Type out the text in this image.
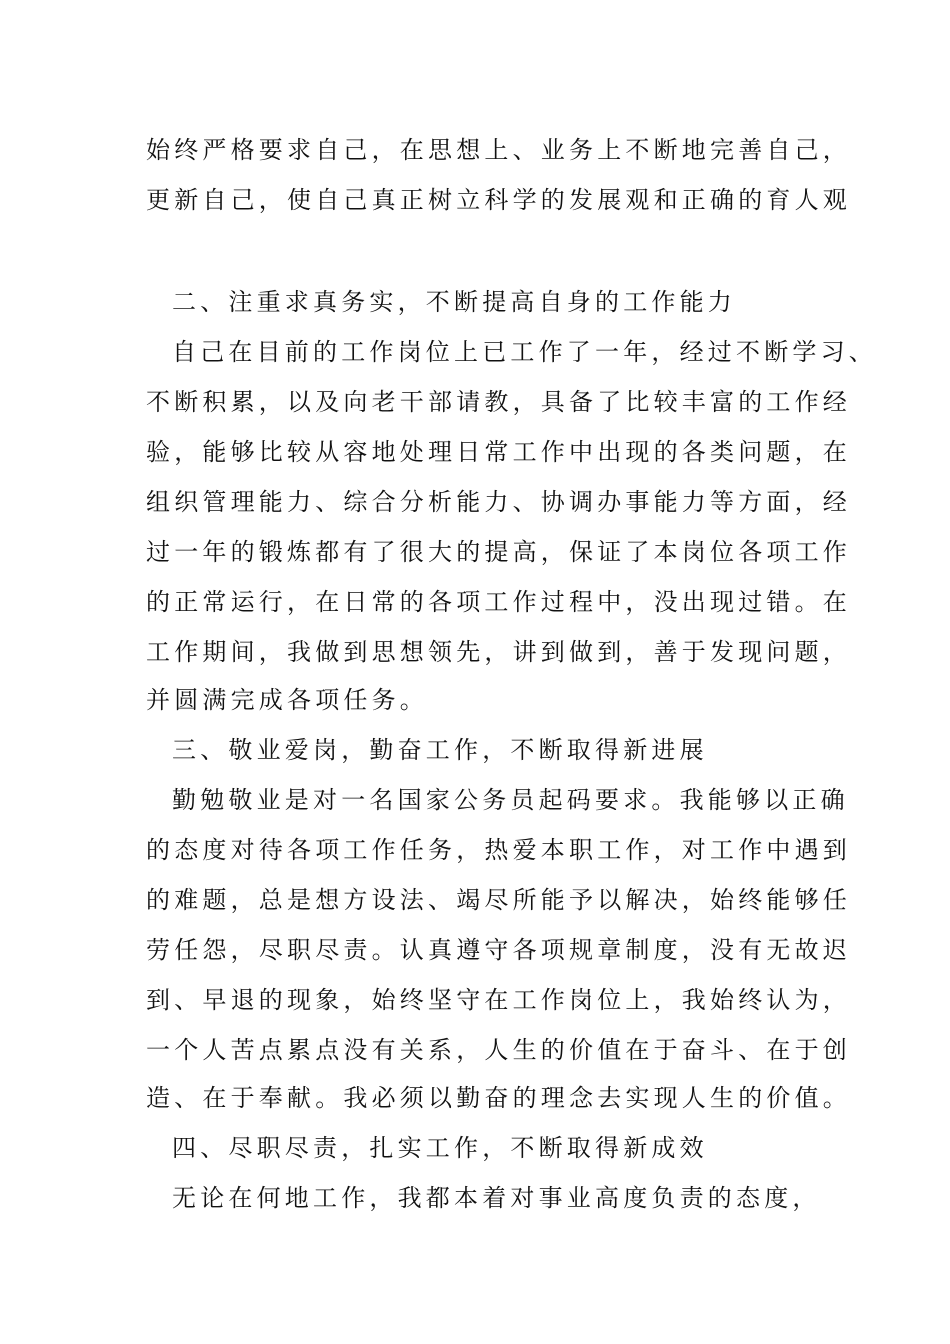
始终严格要求自己，在思想上、业务上不断地完善自己，

更新自己，使自己真正树立科学的发展观和正确的育人观

二、注重求真务实，不断提高自身的工作能力

自己在目前的工作岗位上已工作了一年，经过不断学习、

不断积累，以及向老干部请教，具备了比较丰富的工作经

验，能够比较从容地处理日常工作中出现的各类问题，在

组织管理能力、综合分析能力、协调办事能力等方面，经

过一年的锻炼都有了很大的提高，保证了本岗位各项工作

的正常运行，在日常的各项工作过程中，没出现过错。在

工作期间，我做到思想领先，讲到做到，善于发现问题，

并圆满完成各项任务。

三、敬业爱岗，勤奋工作，不断取得新进展

勤勉敬业是对一名国家公务员起码要求。我能够以正确

的态度对待各项工作任务，热爱本职工作，对工作中遇到

的难题，总是想方设法、竭尽所能予以解决，始终能够任

劳任怨，尽职尽责。认真遵守各项规章制度，没有无故迟

到、早退的现象，始终坚守在工作岗位上，我始终认为，

一个人苦点累点没有关系，人生的价值在于奋斗、在于创

造、在于奉献。我必须以勤奋的理念去实现人生的价值。

四、尽职尽责，扎实工作，不断取得新成效

无论在何地工作，我都本着对事业高度负责的态度，
